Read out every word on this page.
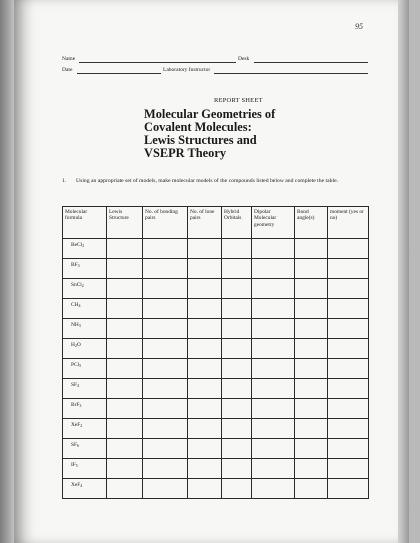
95
Name	Desk
Date	Laboratory Instructor
REPORT SHEET
Molecular Geometries of
Covalent Molecules:
Lewis Structures and
VSEPR Theory
1. Using an appropriate set of models, make molecular models of the compounds listed below and complete the table.
Molecular formula	Lewis Structure	No. of bonding pairs	No. of lone pairs	Hybrid Orbitals	Dipolar Molecular geometry	Bond angle(s)	moment (yes or no)
BeCl$_2$							
$BF_3$							
SnCl$_2$							
$CH_4$							
$NH_3$							
$H_2O$							
PCl$_5$							
$SF_4$							
BrF$_3$							
XeF$_2$							
$SF_6$							
$IF_5$							
XeF$_4$							
